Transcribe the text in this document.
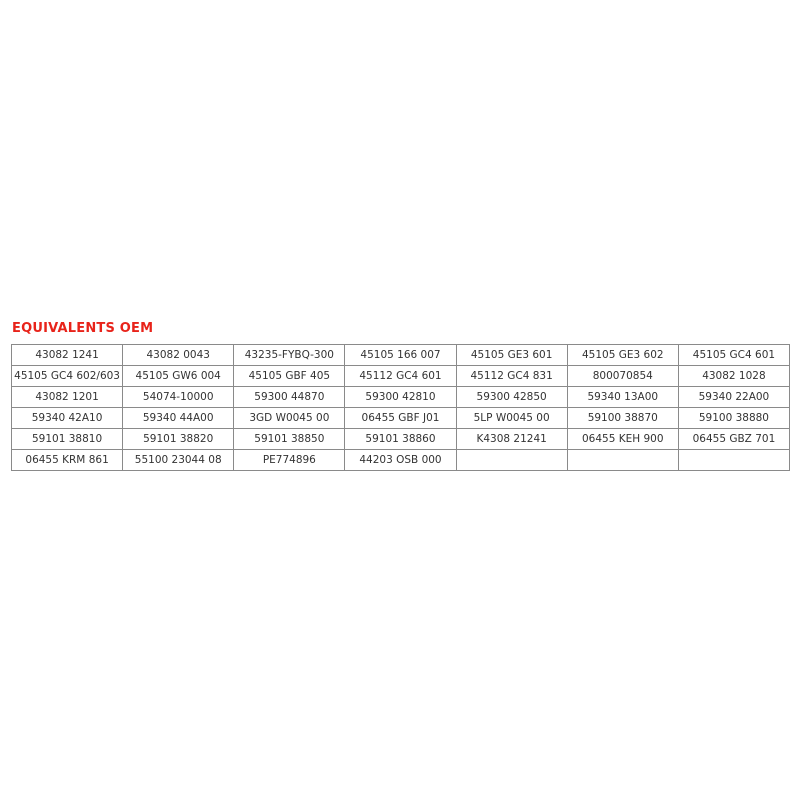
EQUIVALENTS OEM
43082 1241	43082 0043	43235-FYBQ-300	45105 166 007	45105 GE3 601	45105 GE3 602	45105 GC4 601
45105 GC4 602/603	45105 GW6 004	45105 GBF 405	45112 GC4 601	45112 GC4 831	800070854	43082 1028
43082 1201	54074-10000	59300 44870	59300 42810	59300 42850	59340 13A00	59340 22A00
59340 42A10	59340 44A00	3GD W0045 00	06455 GBF J01	5LP W0045 00	59100 38870	59100 38880
59101 38810	59101 38820	59101 38850	59101 38860	K4308 21241	06455 KEH 900	06455 GBZ 701
06455 KRM 861	55100 23044 08	PE774896	44203 OSB 000			
